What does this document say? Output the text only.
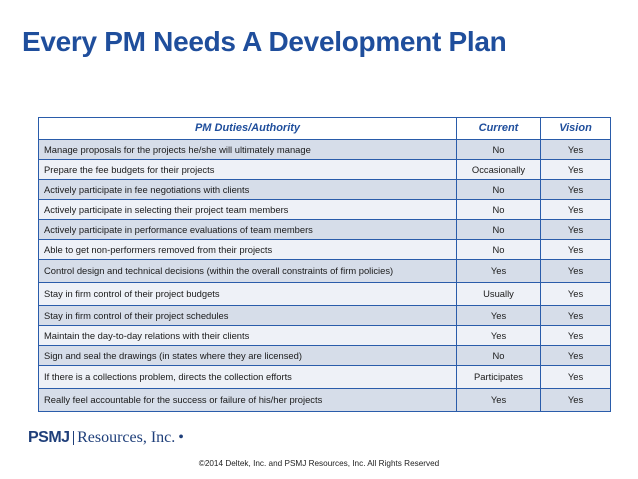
Every PM Needs A Development Plan
PM Duties/Authority	Current	Vision
Manage proposals for the projects he/she will ultimately manage	No	Yes
Prepare the fee budgets for their projects	Occasionally	Yes
Actively participate in fee negotiations with clients	No	Yes
Actively participate in selecting their project team members	No	Yes
Actively participate in performance evaluations of team members	No	Yes
Able to get non-performers removed from their projects	No	Yes
Control design and technical decisions (within the overall constraints of firm policies)	Yes	Yes
Stay in firm control of their project budgets	Usually	Yes
Stay in firm control of their project schedules	Yes	Yes
Maintain the day-to-day relations with their clients	Yes	Yes
Sign and seal the drawings (in states where they are licensed)	No	Yes
If there is a collections problem, directs the collection efforts	Participates	Yes
Really feel accountable for the success or failure of his/her projects	Yes	Yes
PSMJ Resources, Inc. •
©2014 Deltek, Inc. and PSMJ Resources, Inc. All Rights Reserved
